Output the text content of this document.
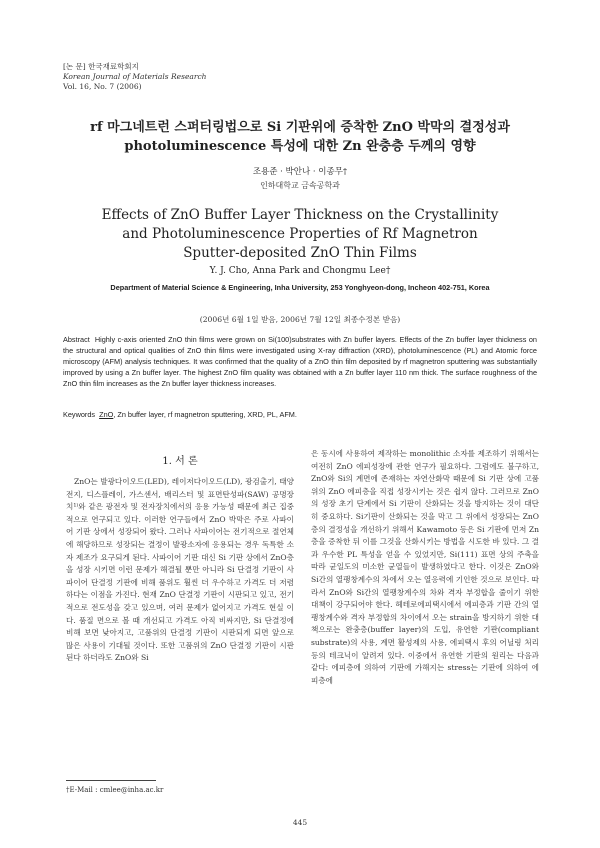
[논 문] 한국재료학회지
Korean Journal of Materials Research
Vol. 16, No. 7 (2006)
rf 마그네트런 스퍼터링법으로 Si 기판위에 증착한 ZnO 박막의 결정성과
photoluminescence 특성에 대한 Zn 완충층 두께의 영향
조용준 · 박안나 · 이종무†
인하대학교 금속공학과
Effects of ZnO Buffer Layer Thickness on the Crystallinity
and Photoluminescence Properties of Rf Magnetron
Sputter-deposited ZnO Thin Films
Y. J. Cho, Anna Park and Chongmu Lee†
Department of Material Science & Engineering, Inha University, 253 Yonghyeon-dong, Incheon 402-751, Korea
(2006년 6월 1일 받음, 2006년 7월 12일 최종수정본 받음)
Abstract Highly c-axis oriented ZnO thin films were grown on Si(100)substrates with Zn buffer layers. Effects of the Zn buffer layer thickness on the structural and optical qualities of ZnO thin films were investigated using X-ray diffraction (XRD), photoluminescence (PL) and Atomic force microscopy (AFM) analysis techniques. It was confirmed that the quality of a ZnO thin film deposited by rf magnetron sputtering was substantially improved by using a Zn buffer layer. The highest ZnO film quality was obtained with a Zn buffer layer 110 nm thick. The surface roughness of the ZnO thin film increases as the Zn buffer layer thickness increases.
Keywords ZnO, Zn buffer layer, rf magnetron sputtering, XRD, PL, AFM.
1. 서 론

ZnO는 발광다이오드(LED), 레이저다이오드(LD), 광검출기, 태양전지, 디스플레이, 가스센서, 배리스터 및 표면탄성파(SAW) 공명장치¹⁾와 같은 광전자 및 전자장치에서의 응용 가능성 때문에 최근 집중적으로 연구되고 있다. 이러한 연구들에서 ZnO 박막은 주로 사파이어 기판 상에서 성장되어 왔다. 그러나 사파이어는 전기적으로 절연체에 해당하므로 성장되는 결정이 발광소자에 응용되는 경우 독특한 소자 제조가 요구되게 된다. 사파이어 기판 대신 Si 기판 상에서 ZnO층을 성장 시키면 이런 문제가 해결될 뿐만 아니라 Si 단결정 기판이 사파이어 단결정 기판에 비해 품위도 훨씬 더 우수하고 가격도 더 저렴하다는 이점을 가진다. 현재 ZnO 단결정 기판이 시판되고 있고, 전기적으로 전도성을 갖고 있으며, 여러 문제가 없어지고 가격도 현실 이다. 품질 면으로 볼 때 개선되고 가격도 아직 비싸지만, Si 단결정에 비해 보면 낮아지고, 고품위의 단결정 기판이 시판되게 되면 앞으로 많은 사용이 기대될 것이다. 또한 고품위의 ZnO 단결정 기판이 시판된다 하더라도 ZnO와 Si

은 동시에 사용하여 제작하는 monolithic 소자를 제조하기 위해서는 여전히 ZnO 에피성장에 관한 연구가 필요하다. 그럼에도 불구하고, ZnO와 Si의 계면에 존재하는 자연산화막 때문에 Si 기판 상에 고품위의 ZnO 에피층을 직접 성장시키는 것은 쉽지 않다. 그러므로 ZnO의 성장 초기 단계에서 Si 기판이 산화되는 것을 방지하는 것이 대단히 중요하다. Si기판이 산화되는 것을 막고 그 위에서 성장되는 ZnO층의 결정성을 개선하기 위해서 Kawamoto 등은 Si 기판에 먼저 Zn 층을 증착한 뒤 이를 그것을 산화시키는 방법을 시도한 바 있다. 그 결과 우수한 PL 특성을 얻을 수 있었지만, Si(111) 표면 상의 주축을 따라 균일도의 미소한 균열들이 발생하였다고 한다. 이것은 ZnO와 Si간의 열팽창계수의 차에서 오는 열응력에 기인한 것으로 보인다. 따라서 ZnO와 Si간의 열팽창계수의 차와 격자 부정합을 줄이기 위한 대책이 강구되어야 한다. 헤테로에피택시에서 에피층과 기판 간의 열팽창계수와 격자 부정합의 차이에서 오는 strain을 방지하기 위한 대책으로는 완충층(buffer layer)의 도입, 유연한 기판(compliant substrate)의 사용, 계면 활성제의 사용, 에피택시 후의 어닐링 처리 등의 테크닉이 알려져 있다. 이중에서 유연한 기판의 원리는 다음과 같다: 에피층에 의하여 기판에 가해지는 stress는 기판에 의하여 에피층에

†E-Mail : cmlee@inha.ac.kr
445
